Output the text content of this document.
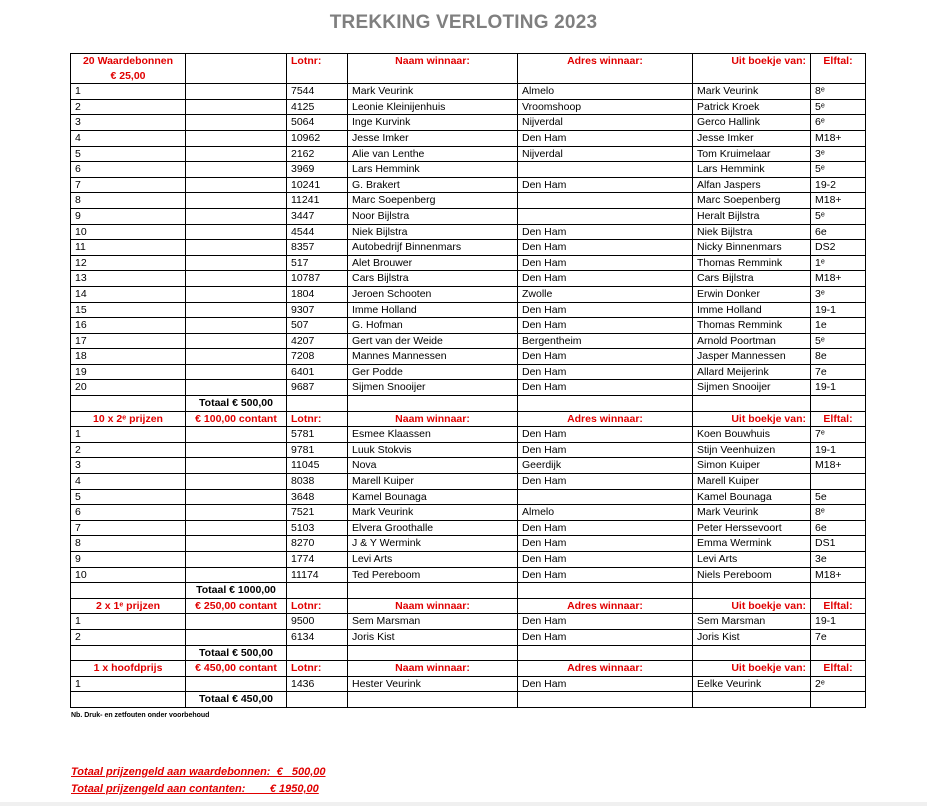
TREKKING VERLOTING 2023
20 Waardebonnen
€ 25,00		Lotnr:	Naam winnaar:	Adres winnaar:	Uit boekje van:	Elftal:
1		7544	Mark Veurink	Almelo	Mark Veurink	8ᵉ
2		4125	Leonie Kleinijenhuis	Vroomshoop	Patrick Kroek	5ᵉ
3		5064	Inge Kurvink	Nijverdal	Gerco Hallink	6ᵉ
4		10962	Jesse Imker	Den Ham	Jesse Imker	M18+
5		2162	Alie van Lenthe	Nijverdal	Tom Kruimelaar	3ᵉ
6		3969	Lars Hemmink		Lars Hemmink	5ᵉ
7		10241	G. Brakert	Den Ham	Alfan Jaspers	19-2
8		11241	Marc Soepenberg		Marc Soepenberg	M18+
9		3447	Noor Bijlstra		Heralt Bijlstra	5ᵉ
10		4544	Niek Bijlstra	Den Ham	Niek Bijlstra	6e
11		8357	Autobedrijf Binnenmars	Den Ham	Nicky Binnenmars	DS2
12		517	Alet Brouwer	Den Ham	Thomas Remmink	1ᵉ
13		10787	Cars Bijlstra	Den Ham	Cars Bijlstra	M18+
14		1804	Jeroen Schooten	Zwolle	Erwin Donker	3ᵉ
15		9307	Imme Holland	Den Ham	Imme Holland	19-1
16		507	G. Hofman	Den Ham	Thomas Remmink	1e
17		4207	Gert van der Weide	Bergentheim	Arnold Poortman	5ᵉ
18		7208	Mannes Mannessen	Den Ham	Jasper Mannessen	8e
19		6401	Ger Podde	Den Ham	Allard Meijerink	7e
20		9687	Sijmen Snooijer	Den Ham	Sijmen Snooijer	19-1
	Totaal € 500,00					

10 x 2ᵉ prijzen	€ 100,00 contant	Lotnr:	Naam winnaar:	Adres winnaar:	Uit boekje van:	Elftal:
1		5781	Esmee Klaassen	Den Ham	Koen Bouwhuis	7ᵉ
2		9781	Luuk Stokvis	Den Ham	Stijn Veenhuizen	19-1
3		11045	Nova	Geerdijk	Simon Kuiper	M18+
4		8038	Marell Kuiper	Den Ham	Marell Kuiper	
5		3648	Kamel Bounaga		Kamel Bounaga	5e
6		7521	Mark Veurink	Almelo	Mark Veurink	8ᵉ
7		5103	Elvera Groothalle	Den Ham	Peter Herssevoort	6e
8		8270	J & Y Wermink	Den Ham	Emma Wermink	DS1
9		1774	Levi Arts	Den Ham	Levi Arts	3e
10		11174	Ted Pereboom	Den Ham	Niels Pereboom	M18+
	Totaal € 1000,00					

2 x 1ᵉ prijzen	€ 250,00 contant	Lotnr:	Naam winnaar:	Adres winnaar:	Uit boekje van:	Elftal:
1		9500	Sem Marsman	Den Ham	Sem Marsman	19-1
2		6134	Joris Kist	Den Ham	Joris Kist	7e
	Totaal € 500,00					

1 x hoofdprijs	€ 450,00 contant	Lotnr:	Naam winnaar:	Adres winnaar:	Uit boekje van:	Elftal:
1		1436	Hester Veurink	Den Ham	Eelke Veurink	2ᵉ
	Totaal € 450,00					
Nb. Druk- en zetfouten onder voorbehoud
Totaal prijzengeld aan waardebonnen:  €   500,00
Totaal prijzengeld aan contanten:        € 1950,00
